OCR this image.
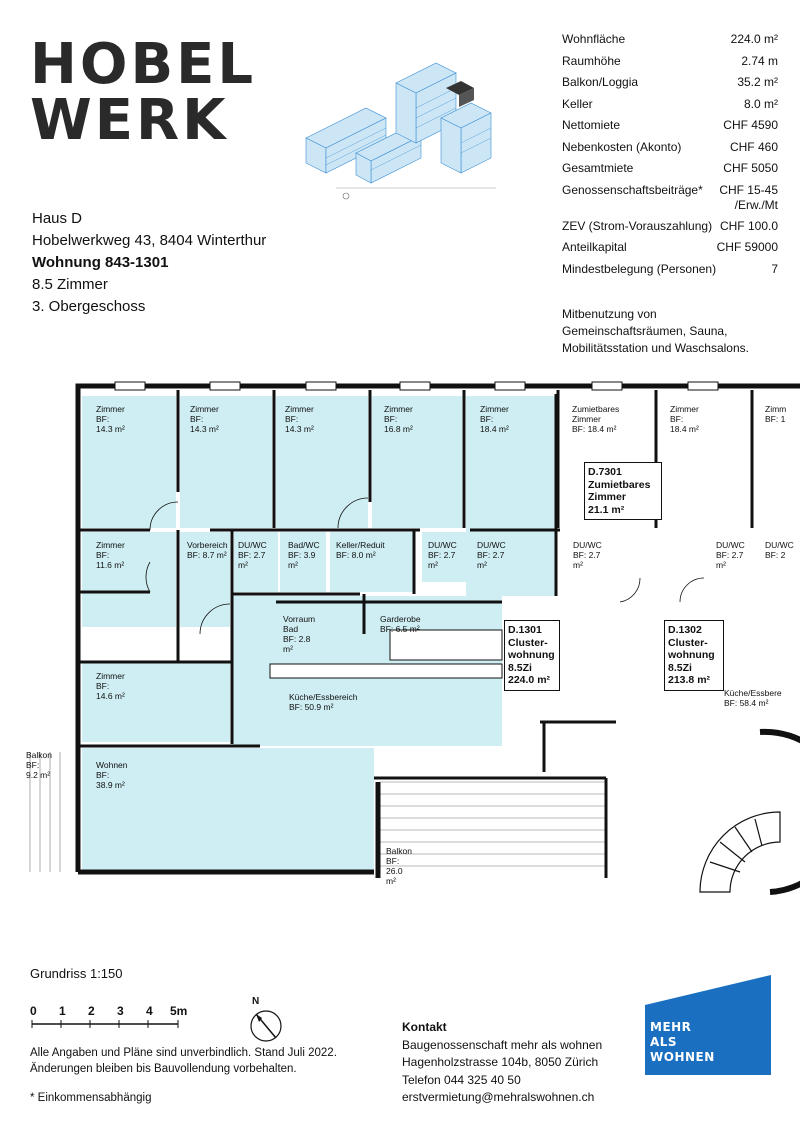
HOBEL
WERK
Haus D
Hobelwerkweg 43, 8404 Winterthur
Wohnung 843-1301
8.5 Zimmer
3. Obergeschoss
Wohnfläche	224.0 m²
Raumhöhe	2.74 m
Balkon/Loggia	35.2 m²
Keller	8.0 m²
Nettomiete	CHF 4590
Nebenkosten (Akonto)	CHF 460
Gesamtmiete	CHF 5050
Genossenschaftsbeiträge*	CHF 15-45 /Erw./Mt
ZEV (Strom-Vorauszahlung) CHF 100.0
Anteilkapital	CHF 59000
Mindestbelegung (Personen)	7
Mitbenutzung von Gemeinschaftsräumen, Sauna, Mobilitätsstation und Waschsalons.
Zimmer
BF: 14.3 m²
Zimmer
BF: 14.3 m²
Zimmer
BF: 14.3 m²
Zimmer
BF: 16.8 m²
Zimmer
BF: 18.4 m²
Zumietbares Zimmer
BF: 18.4 m²
Zimmer
BF: 18.4 m²
Zimm
BF: 1
Zimmer
BF: 11.6 m²
Vorbereich
BF: 8.7 m²
DU/WC
BF: 2.7 m²
Bad/WC
BF: 3.9 m²
Keller/Reduit
BF: 8.0 m²
DU/WC
BF: 2.7 m²
DU/WC
BF: 2.7 m²
DU/WC
BF: 2.7 m²
DU/WC
BF: 2.7 m²
DU/WC
BF: 2
Vorraum Bad
BF: 2.8 m²
Garderobe
BF: 6.5 m²
Zimmer
BF: 14.6 m²	Küche/Essbereich
BF: 50.9 m²
Küche/Essbere
BF: 58.4 m²
Balkon
BF: 9.2 m²
Wohnen
BF: 38.9 m²
Balkon
BF: 26.0 m²
D.7301
Zumietbares
Zimmer
21.1 m²
D.1301
Cluster-
wohnung
8.5Zi
224.0 m²
D.1302
Cluster-
wohnung
8.5Zi
213.8 m²
Grundriss 1:150
0 1 2 3 4 5m
N
Alle Angaben und Pläne sind unverbindlich. Stand Juli 2022.
Änderungen bleiben bis Bauvollendung vorbehalten.
* Einkommensabhängig
Kontakt
Baugenossenschaft mehr als wohnen
Hagenholzstrasse 104b, 8050 Zürich
Telefon 044 325 40 50
erstvermietung@mehralswohnen.ch
MEHR
ALS
WOHNEN
